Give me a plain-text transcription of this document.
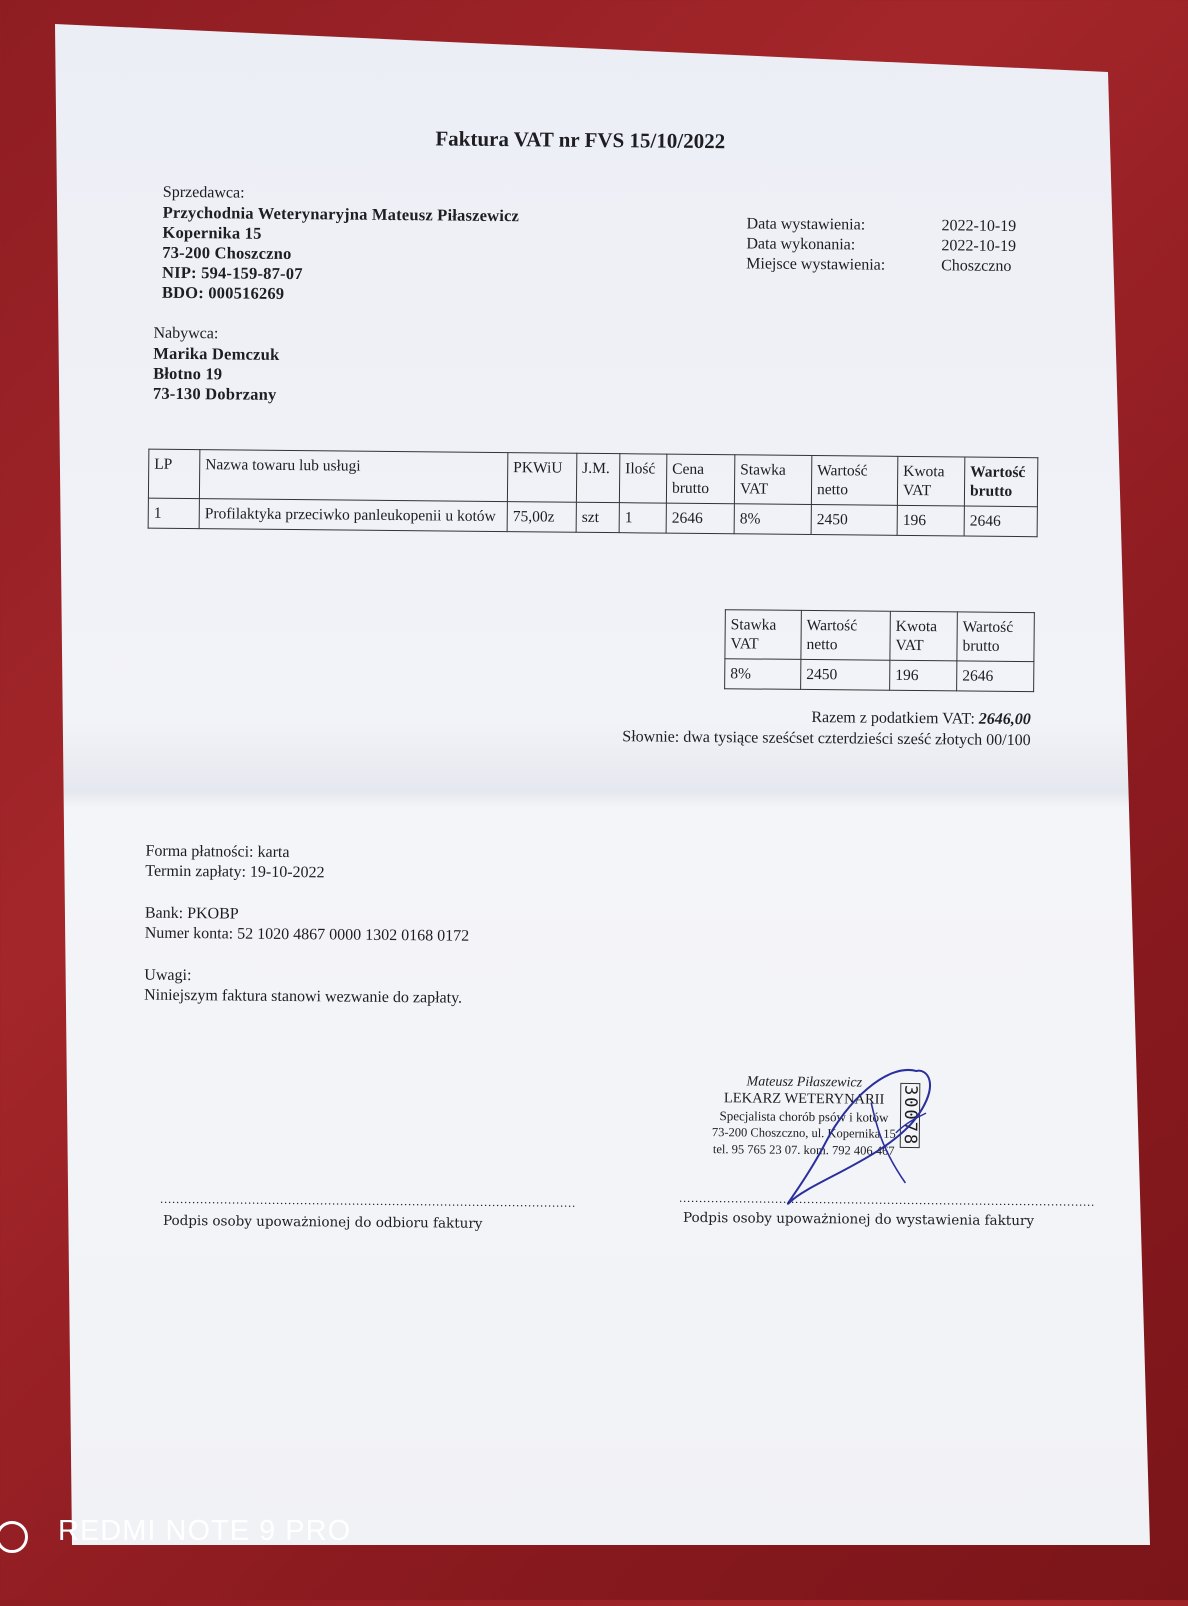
Faktura VAT nr FVS 15/10/2022
Sprzedawca:
Przychodnia Weterynaryjna Mateusz Piłaszewicz
Kopernika 15
73-200 Choszczno
NIP: 594-159-87-07
BDO: 000516269
Data wystawienia:	2022-10-19
Data wykonania:	2022-10-19
Miejsce wystawienia:	Choszczno
Nabywca:
Marika Demczuk
Błotno 19
73-130 Dobrzany
LP	Nazwa towaru lub usługi	PKWiU	J.M.	Ilość	Cena brutto	Stawka VAT	Wartość netto	Kwota VAT	Wartość brutto
1	Profilaktyka przeciwko panleukopenii u kotów	75,00z	szt	1	2646	8%	2450	196	2646
Stawka VAT	Wartość netto	Kwota VAT	Wartość brutto
8%	2450	196	2646
Razem z podatkiem VAT: 2646,00
Słownie: dwa tysiące sześćset czterdzieści sześć złotych 00/100
Forma płatności: karta
Termin zapłaty: 19-10-2022
Bank: PKOBP
Numer konta: 52 1020 4867 0000 1302 0168 0172
Uwagi:
Niniejszym faktura stanowi wezwanie do zapłaty.
Mateusz Piłaszewicz
LEKARZ WETERYNARII
Specjalista chorób psów i kotów
73-200 Choszczno, ul. Kopernika 15
tel. 95 765 23 07. kom. 792 406 467
30078
........................................................................................................
Podpis osoby upoważnionej do odbioru faktury
........................................................................................................
Podpis osoby upoważnionej do wystawienia faktury
REDMI NOTE 9 PRO
